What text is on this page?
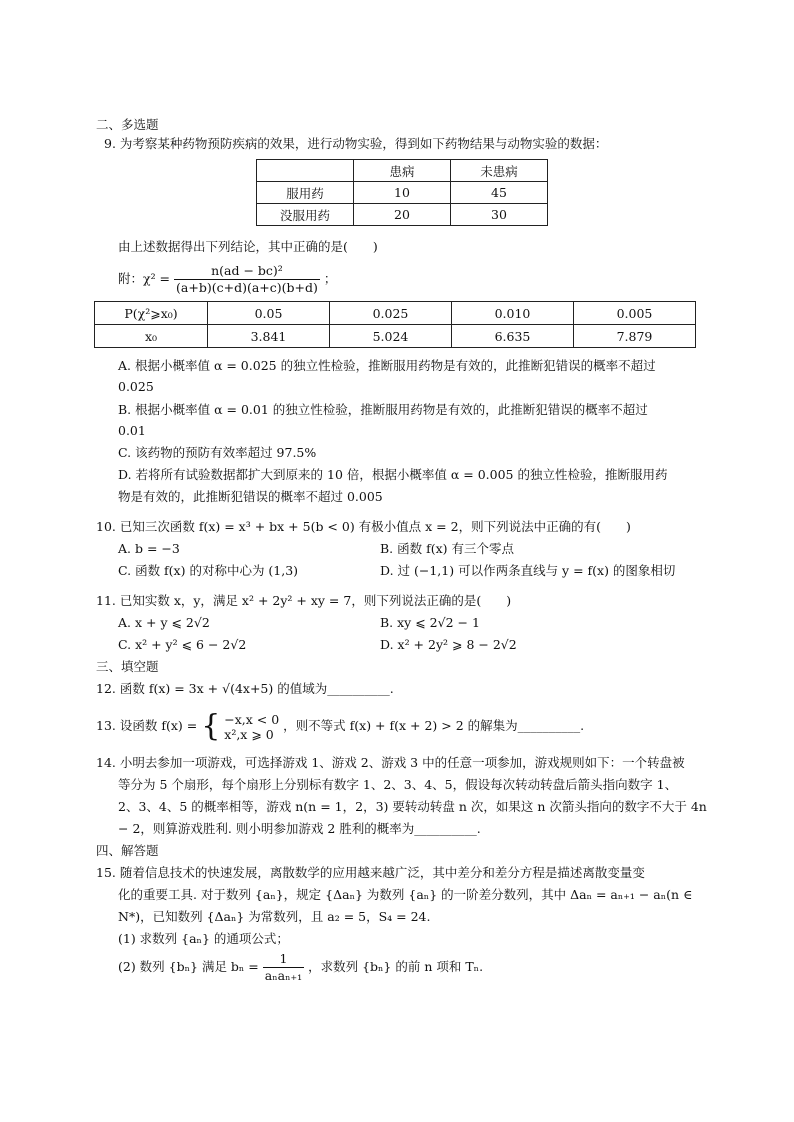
二、多选题
9. 为考察某种药物预防疾病的效果，进行动物实验，得到如下药物结果与动物实验的数据：
	患病	未患病
服用药	10	45
没服用药	20	30
由上述数据得出下列结论，其中正确的是(　　)
附：$\chi^2 = \frac{\text{n(ad − bc)²}}{(a+b)(c+d)(a+c)(b+d)}$ ；
P(χ²⩾x₀)	0.05	0.025	0.010	0.005
x₀	3.841	5.024	6.635	7.879
A. 根据小概率值 α = 0.025 的独立性检验，推断服用药物是有效的，此推断犯错误的概率不超过
0.025
B. 根据小概率值 α = 0.01 的独立性检验，推断服用药物是有效的，此推断犯错误的概率不超过
0.01
C. 该药物的预防有效率超过 97.5%
D. 若将所有试验数据都扩大到原来的 10 倍，根据小概率值 α = 0.005 的独立性检验，推断服用药
物是有效的，此推断犯错误的概率不超过 0.005
10. 已知三次函数 f(x) = x³ + bx + 5(b < 0) 有极小值点 x = 2，则下列说法中正确的有(　　)
A. b = −3	B. 函数 f(x) 有三个零点
C. 函数 f(x) 的对称中心为 (1,3)	D. 过 (−1,1) 可以作两条直线与 y = f(x) 的图象相切
11. 已知实数 x，y，满足 x² + 2y² + xy = 7，则下列说法正确的是(　　)
A. x + y ⩽ 2√2	B. xy ⩽ 2√2 − 1
C. x² + y² ⩽ 6 − 2√2	D. x² + 2y² ⩾ 8 − 2√2
三、填空题
12. 函数 f(x) = 3x + √(4x+5) 的值域为__________.
13. 设函数 f(x) = { −x,x < 0
x²,x ⩾ 0
，则不等式 f(x) + f(x + 2) > 2 的解集为__________.
14. 小明去参加一项游戏，可选择游戏 1、游戏 2、游戏 3 中的任意一项参加，游戏规则如下：一个转盘被
等分为 5 个扇形，每个扇形上分别标有数字 1、2、3、4、5，假设每次转动转盘后箭头指向数字 1、
2、3、4、5 的概率相等，游戏 n(n = 1，2，3) 要转动转盘 n 次，如果这 n 次箭头指向的数字不大于 4n
− 2，则算游戏胜利. 则小明参加游戏 2 胜利的概率为__________.
四、解答题
15. 随着信息技术的快速发展，离散数学的应用越来越广泛，其中差分和差分方程是描述离散变量变
化的重要工具. 对于数列 {aₙ}，规定 {Δaₙ} 为数列 {aₙ} 的一阶差分数列，其中 Δaₙ = aₙ₊₁ − aₙ(n ∈
N*)，已知数列 {Δaₙ} 为常数列，且 a₂ = 5，S₄ = 24.
(1) 求数列 {aₙ} 的通项公式；
(2) 数列 {bₙ} 满足 $b_n = \frac{1}{\text{aₙaₙ₊₁}}$ ，求数列 {bₙ} 的前 n 项和 Tₙ.
